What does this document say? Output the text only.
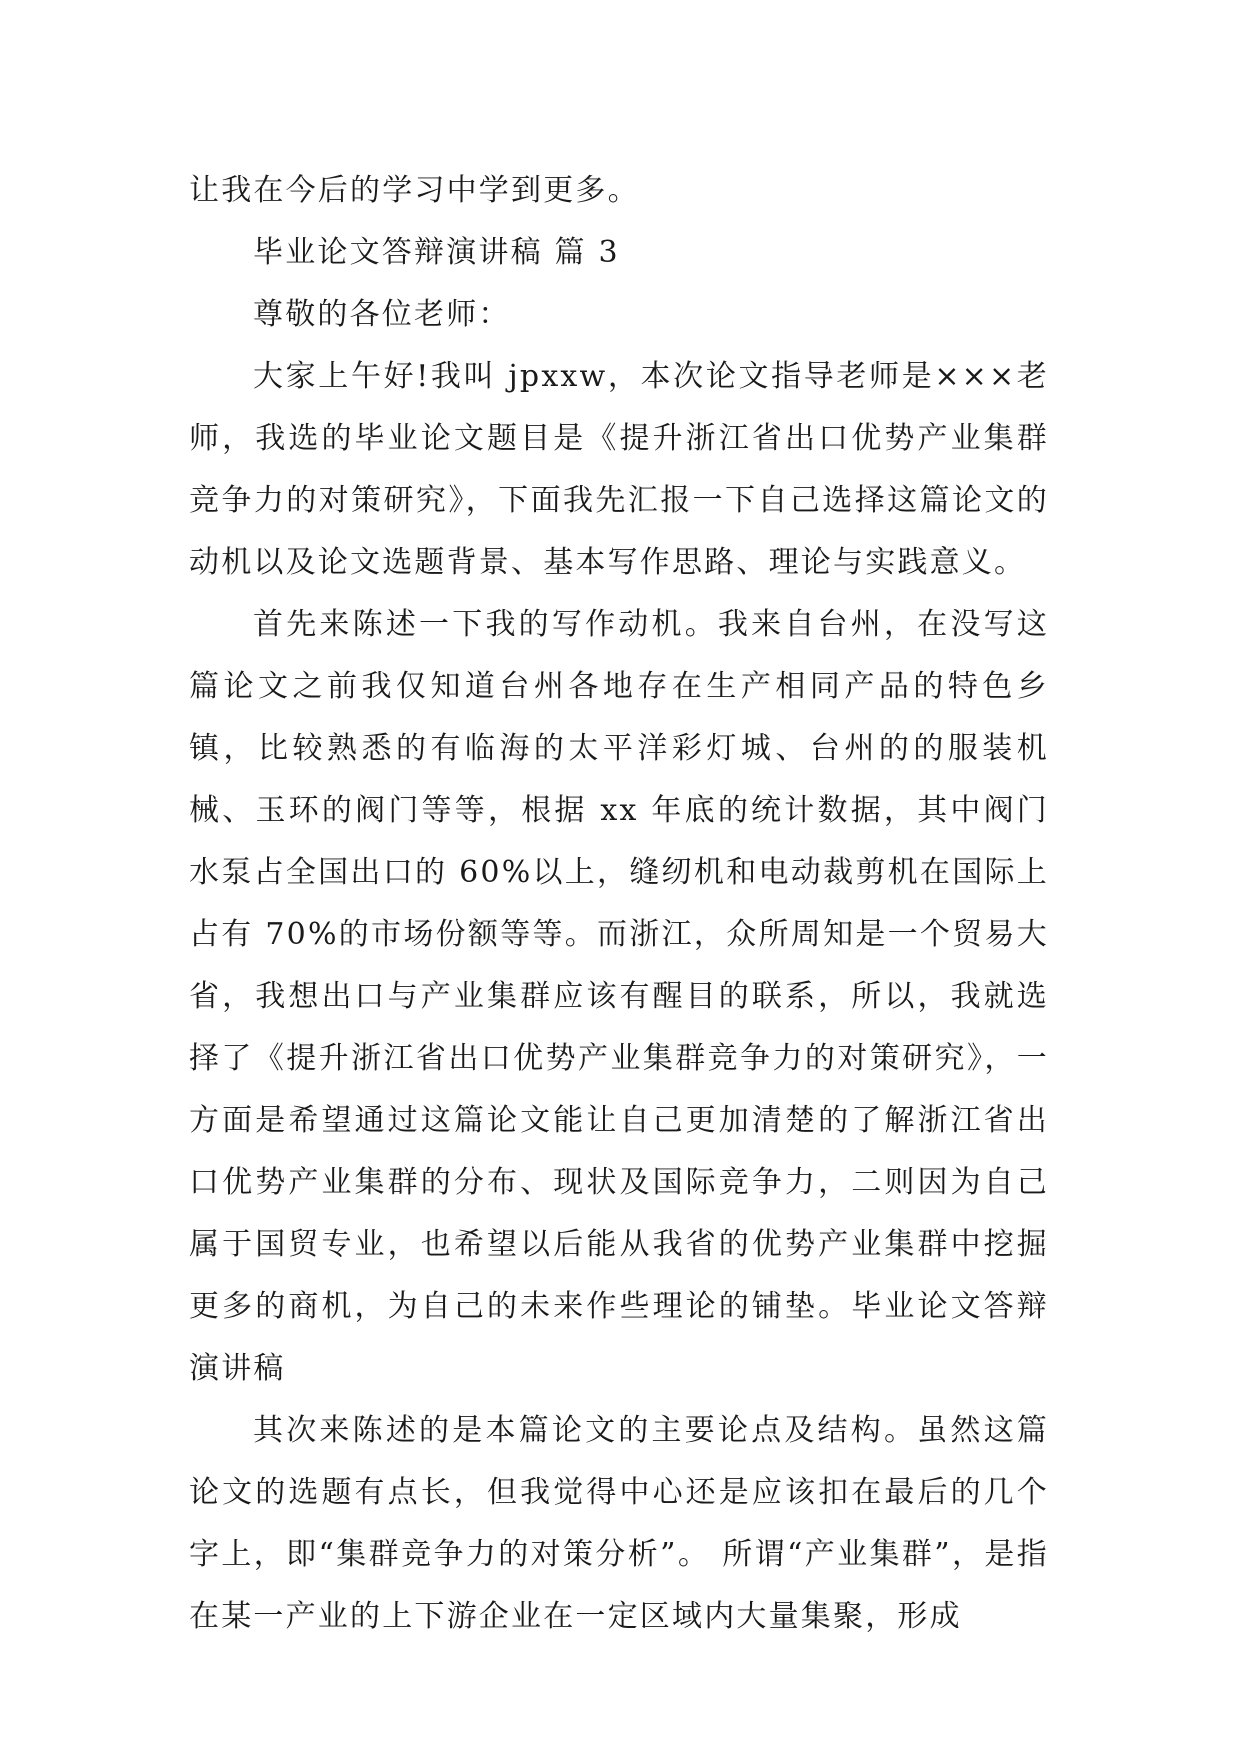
让我在今后的学习中学到更多。

毕业论文答辩演讲稿 篇 3

尊敬的各位老师：

大家上午好!我叫 jpxxw，本次论文指导老师是×××老师，我选的毕业论文题目是《提升浙江省出口优势产业集群竞争力的对策研究》，下面我先汇报一下自己选择这篇论文的动机以及论文选题背景、基本写作思路、理论与实践意义。

首先来陈述一下我的写作动机。我来自台州，在没写这篇论文之前我仅知道台州各地存在生产相同产品的特色乡镇，比较熟悉的有临海的太平洋彩灯城、台州的的服装机械、玉环的阀门等等，根据 xx 年底的统计数据，其中阀门水泵占全国出口的 60%以上，缝纫机和电动裁剪机在国际上占有 70%的市场份额等等。而浙江，众所周知是一个贸易大省，我想出口与产业集群应该有醒目的联系，所以，我就选择了《提升浙江省出口优势产业集群竞争力的对策研究》，一方面是希望通过这篇论文能让自己更加清楚的了解浙江省出口优势产业集群的分布、现状及国际竞争力，二则因为自己属于国贸专业，也希望以后能从我省的优势产业集群中挖掘更多的商机，为自己的未来作些理论的铺垫。毕业论文答辩演讲稿

其次来陈述的是本篇论文的主要论点及结构。虽然这篇论文的选题有点长，但我觉得中心还是应该扣在最后的几个字上，即“集群竞争力的对策分析”。 所谓“产业集群”，是指在某一产业的上下游企业在一定区域内大量集聚，形成
